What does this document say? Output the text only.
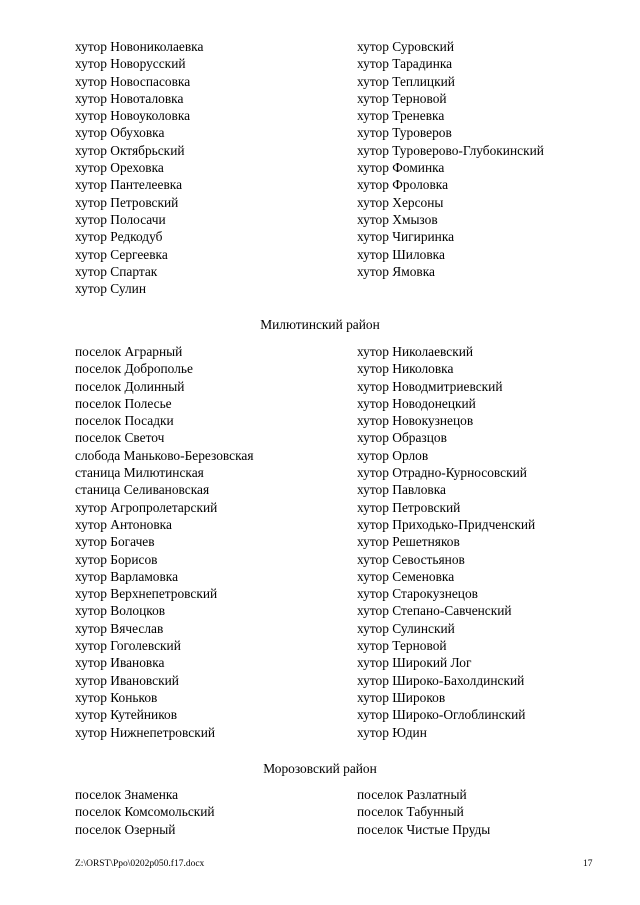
хутор Новониколаевка
хутор Новорусский
хутор Новоспасовка
хутор Новоталовка
хутор Новоуколовка
хутор Обуховка
хутор Октябрьский
хутор Ореховка
хутор Пантелеевка
хутор Петровский
хутор Полосачи
хутор Редкодуб
хутор Сергеевка
хутор Спартак
хутор Сулин
хутор Суровский
хутор Тарадинка
хутор Теплицкий
хутор Терновой
хутор Треневка
хутор Туроверов
хутор Туроверово-Глубокинский
хутор Фоминка
хутор Фроловка
хутор Херсоны
хутор Хмызов
хутор Чигиринка
хутор Шиловка
хутор Ямовка
Милютинский район
поселок Аграрный
поселок Доброполье
поселок Долинный
поселок Полесье
поселок Посадки
поселок Светоч
слобода Маньково-Березовская
станица Милютинская
станица Селивановская
хутор Агропролетарский
хутор Антоновка
хутор Богачев
хутор Борисов
хутор Варламовка
хутор Верхнепетровский
хутор Волоцков
хутор Вячеслав
хутор Гоголевский
хутор Ивановка
хутор Ивановский
хутор Коньков
хутор Кутейников
хутор Нижнепетровский
хутор Николаевский
хутор Николовка
хутор Новодмитриевский
хутор Новодонецкий
хутор Новокузнецов
хутор Образцов
хутор Орлов
хутор Отрадно-Курносовский
хутор Павловка
хутор Петровский
хутор Приходько-Придченский
хутор Решетняков
хутор Севостьянов
хутор Семеновка
хутор Старокузнецов
хутор Степано-Савченский
хутор Сулинский
хутор Терновой
хутор Широкий Лог
хутор Широко-Бахолдинский
хутор Широков
хутор Широко-Оглоблинский
хутор Юдин
Морозовский район
поселок Знаменка
поселок Комсомольский
поселок Озерный
поселок Разлатный
поселок Табунный
поселок Чистые Пруды
Z:\ORST\Ppo\0202p050.f17.docx	17
